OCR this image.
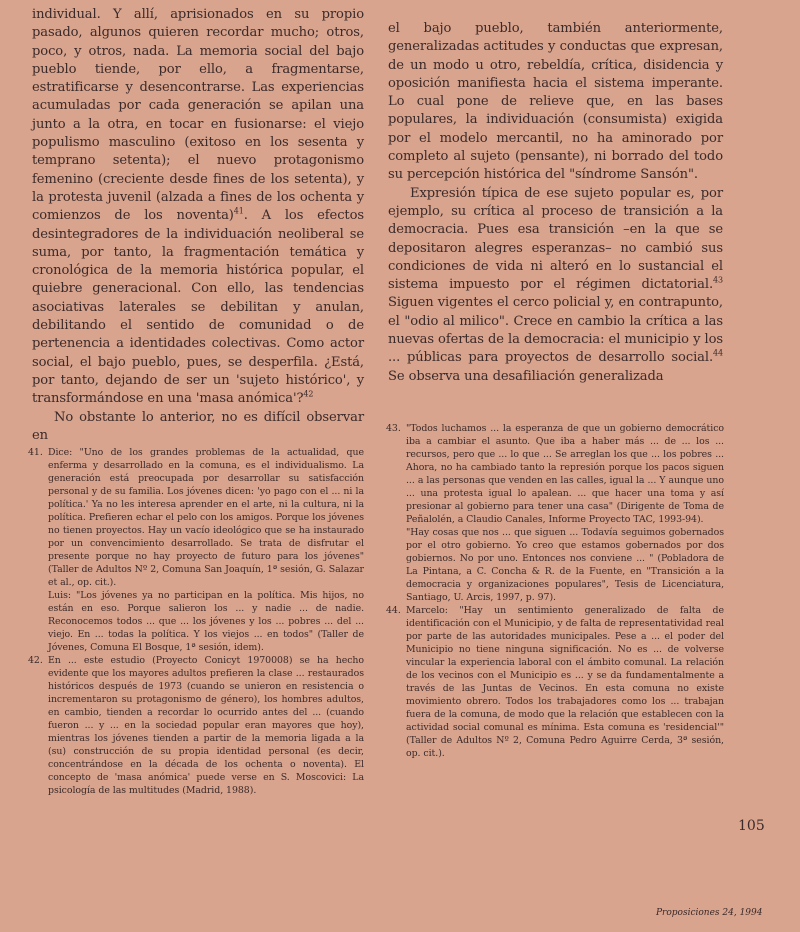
individual. Y allí, aprisionados en su propio pasado, algunos quieren recordar mucho; otros, poco, y otros, nada. La memoria social del bajo pueblo tiende, por ello, a fragmentarse, estratificarse y desencontrarse. Las experiencias acumuladas por cada generación se apilan una junto a la otra, en tocar en fusionarse: el viejo populismo masculino (exitoso en los sesenta y temprano setenta); el nuevo protagonismo femenino (creciente desde fines de los setenta), y la protesta juvenil (alzada a fines de los ochenta y comienzos de los noventa)$^{41}$. A los efectos desintegradores de la individuación neoliberal se suma, por tanto, la fragmentación temática y cronológica de la memoria histórica popular, el quiebre generacional. Con ello, las tendencias asociativas laterales se debilitan y anulan, debilitando el sentido de comunidad o de pertenencia a identidades colectivas. Como actor social, el bajo pueblo, pues, se desperfila. ¿Está, por tanto, dejando de ser un 'sujeto histórico', y transformándose en una 'masa anómica'?$^{42}$

No obstante lo anterior, no es difícil observar en

el bajo pueblo, también anteriormente, generalizadas actitudes y conductas que expresan, de un modo u otro, rebeldía, crítica, disidencia y oposición manifiesta hacia el sistema imperante. Lo cual pone de relieve que, en las bases populares, la individuación (consumista) exigida por el modelo mercantil, no ha aminorado por completo al sujeto (pensante), ni borrado del todo su percepción histórica del "síndrome Sansón".

Expresión típica de ese sujeto popular es, por ejemplo, su crítica al proceso de transición a la democracia. Pues esa transición –en la que se depositaron alegres esperanzas– no cambió sus condiciones de vida ni alteró en lo sustancial el sistema impuesto por el régimen dictatorial.$^{43}$ Siguen vigentes el cerco policial y, en contrapunto, el "odio al milico". Crece en cambio la crítica a las nuevas ofertas de la democracia: el municipio y los ... públicas para proyectos de desarrollo social.$^{44}$ Se observa una desafiliación generalizada

41. Dice: "Uno de los grandes problemas de la actualidad, que enferma y desarrollado en la comuna, es el individualismo. La generación está preocupada por desarrollar su satisfacción personal y de su familia. Los jóvenes dicen: 'yo pago con el ... ni la política.' Ya no les interesa aprender en el arte, ni la cultura, ni la política. Prefieren echar el pelo con los amigos. Porque los jóvenes no tienen proyectos. Hay un vacío ideológico que se ha instaurado por un convencimiento desarrollado. Se trata de disfrutar el presente porque no hay proyecto de futuro para los jóvenes" (Taller de Adultos Nº 2, Comuna San Joaquín, 1ª sesión, G. Salazar et al., op. cit.).
Luis: "Los jóvenes ya no participan en la política. Mis hijos, no están en eso. Porque salieron los ... y nadie ... de nadie. Reconocemos todos ... que ... los jóvenes y los ... pobres ... del ... viejo. En ... todas la política. Y los viejos ... en todos" (Taller de Jóvenes, Comuna El Bosque, 1ª sesión, idem).
42. En ... este estudio (Proyecto Conicyt 1970008) se ha hecho evidente que los mayores adultos prefieren la clase ... restaurados históricos después de 1973 (cuando se unieron en resistencia o incrementaron su protagonismo de género), los hombres adultos, en cambio, tienden a recordar lo ocurrido antes del ... (cuando fueron ... y ... en la sociedad popular eran mayores que hoy), mientras los jóvenes tienden a partir de la memoria ligada a la (su) construcción de su propia identidad personal (es decir, concentrándose en la década de los ochenta o noventa). El concepto de 'masa anómica' puede verse en S. Moscovici: La psicología de las multitudes (Madrid, 1988).
43. "Todos luchamos ... la esperanza de que un gobierno democrático iba a cambiar el asunto. Que iba a haber más ... de ... los ... recursos, pero que ... lo que ... Se arreglan los que ... los pobres ... Ahora, no ha cambiado tanto la represión porque los pacos siguen ... a las personas que venden en las calles, igual la ... Y aunque uno ... una protesta igual lo apalean. ... que hacer una toma y así presionar al gobierno para tener una casa" (Dirigente de Toma de Peñalolén, a Claudio Canales, Informe Proyecto TAC, 1993-94).
"Hay cosas que nos ... que siguen ... Todavía seguimos gobernados por el otro gobierno. Yo creo que estamos gobernados por dos gobiernos. No por uno. Entonces nos conviene ... " (Pobladora de La Pintana, a C. Concha & R. de la Fuente, en "Transición a la democracia y organizaciones populares", Tesis de Licenciatura, Santiago, U. Arcis, 1997, p. 97).
44. Marcelo: "Hay un sentimiento generalizado de falta de identificación con el Municipio, y de falta de representatividad real por parte de las autoridades municipales. Pese a ... el poder del Municipio no tiene ninguna significación. No es ... de volverse vincular la experiencia laboral con el ámbito comunal. La relación de los vecinos con el Municipio es ... y se da fundamentalmente a través de las Juntas de Vecinos. En esta comuna no existe movimiento obrero. Todos los trabajadores como los ... trabajan fuera de la comuna, de modo que la relación que establecen con la actividad social comunal es mínima. Esta comuna es 'residencial'" (Taller de Adultos Nº 2, Comuna Pedro Aguirre Cerda, 3ª sesión, op. cit.).
105
Proposiciones 24, 1994
